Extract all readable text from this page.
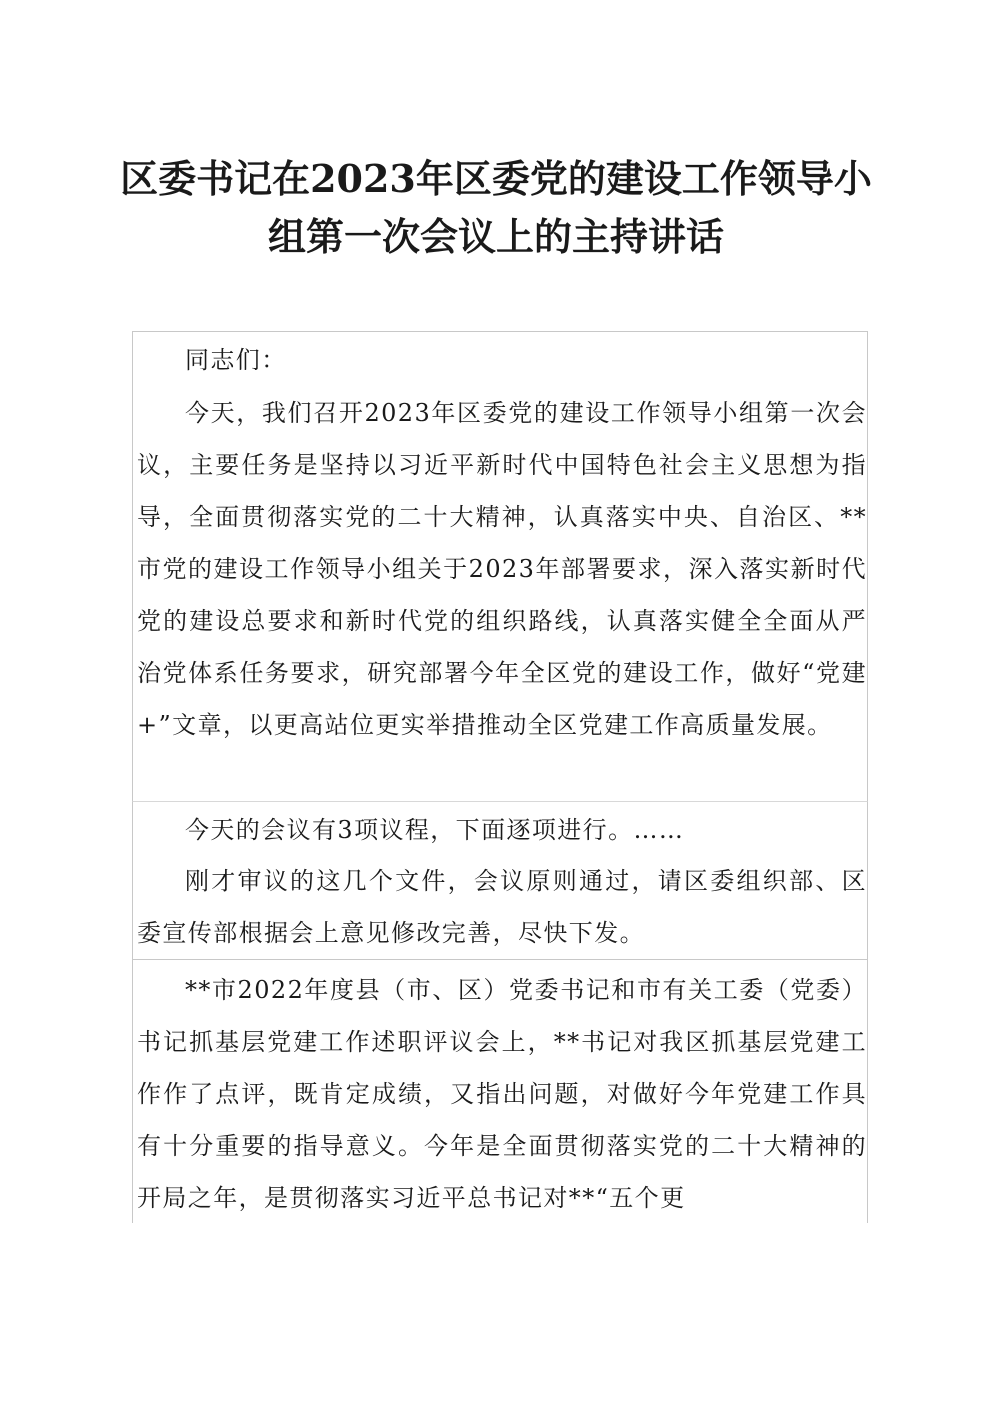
区委书记在2023年区委党的建设工作领导小
组第一次会议上的主持讲话

同志们：

今天，我们召开2023年区委党的建设工作领导小组第一次会议，主要任务是坚持以习近平新时代中国特色社会主义思想为指导，全面贯彻落实党的二十大精神，认真落实中央、自治区、**市党的建设工作领导小组关于2023年部署要求，深入落实新时代党的建设总要求和新时代党的组织路线，认真落实健全全面从严治党体系任务要求，研究部署今年全区党的建设工作，做好“党建+”文章，以更高站位更实举措推动全区党建工作高质量发展。

今天的会议有3项议程，下面逐项进行。……

刚才审议的这几个文件，会议原则通过，请区委组织部、区委宣传部根据会上意见修改完善，尽快下发。

**市2022年度县（市、区）党委书记和市有关工委（党委）书记抓基层党建工作述职评议会上，**书记对我区抓基层党建工作作了点评，既肯定成绩，又指出问题，对做好今年党建工作具有十分重要的指导意义。今年是全面贯彻落实党的二十大精神的开局之年，是贯彻落实习近平总书记对**“五个更
